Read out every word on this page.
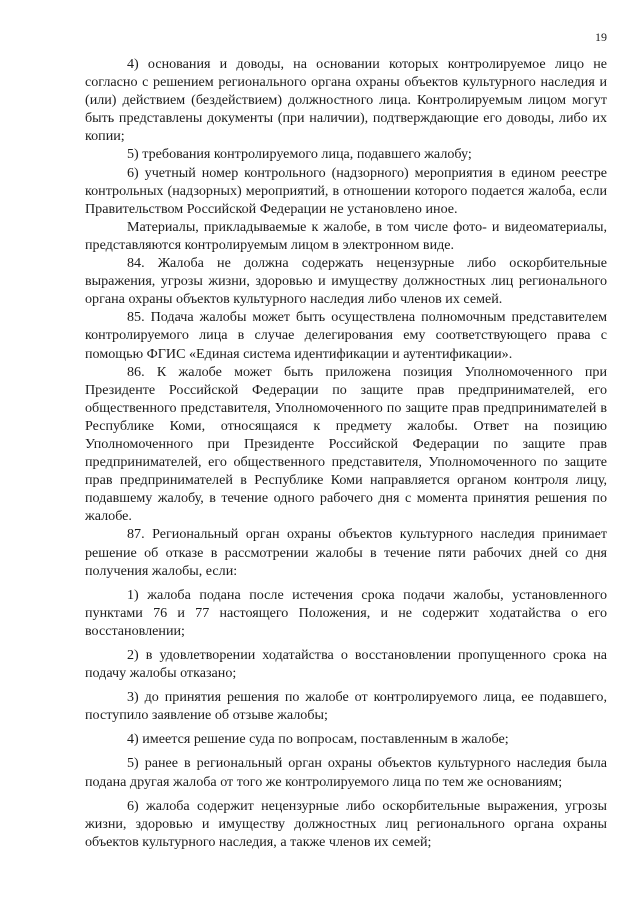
19

4) основания и доводы, на основании которых контролируемое лицо не согласно с решением регионального органа охраны объектов культурного наследия и (или) действием (бездействием) должностного лица. Контролируемым лицом могут быть представлены документы (при наличии), подтверждающие его доводы, либо их копии;

5) требования контролируемого лица, подавшего жалобу;

6) учетный номер контрольного (надзорного) мероприятия в едином реестре контрольных (надзорных) мероприятий, в отношении которого подается жалоба, если Правительством Российской Федерации не установлено иное.

Материалы, прикладываемые к жалобе, в том числе фото- и видеоматериалы, представляются контролируемым лицом в электронном виде.

84. Жалоба не должна содержать нецензурные либо оскорбительные выражения, угрозы жизни, здоровью и имуществу должностных лиц регионального органа охраны объектов культурного наследия либо членов их семей.

85. Подача жалобы может быть осуществлена полномочным представителем контролируемого лица в случае делегирования ему соответствующего права с помощью ФГИС «Единая система идентификации и аутентификации».

86. К жалобе может быть приложена позиция Уполномоченного при Президенте Российской Федерации по защите прав предпринимателей, его общественного представителя, Уполномоченного по защите прав предпринимателей в Республике Коми, относящаяся к предмету жалобы. Ответ на позицию Уполномоченного при Президенте Российской Федерации по защите прав предпринимателей, его общественного представителя, Уполномоченного по защите прав предпринимателей в Республике Коми направляется органом контроля лицу, подавшему жалобу, в течение одного рабочего дня с момента принятия решения по жалобе.

87. Региональный орган охраны объектов культурного наследия принимает решение об отказе в рассмотрении жалобы в течение пяти рабочих дней со дня получения жалобы, если:

1) жалоба подана после истечения срока подачи жалобы, установленного пунктами 76 и 77 настоящего Положения, и не содержит ходатайства о его восстановлении;

2) в удовлетворении ходатайства о восстановлении пропущенного срока на подачу жалобы отказано;

3) до принятия решения по жалобе от контролируемого лица, ее подавшего, поступило заявление об отзыве жалобы;

4) имеется решение суда по вопросам, поставленным в жалобе;

5) ранее в региональный орган охраны объектов культурного наследия была подана другая жалоба от того же контролируемого лица по тем же основаниям;

6) жалоба содержит нецензурные либо оскорбительные выражения, угрозы жизни, здоровью и имуществу должностных лиц регионального органа охраны объектов культурного наследия, а также членов их семей;
